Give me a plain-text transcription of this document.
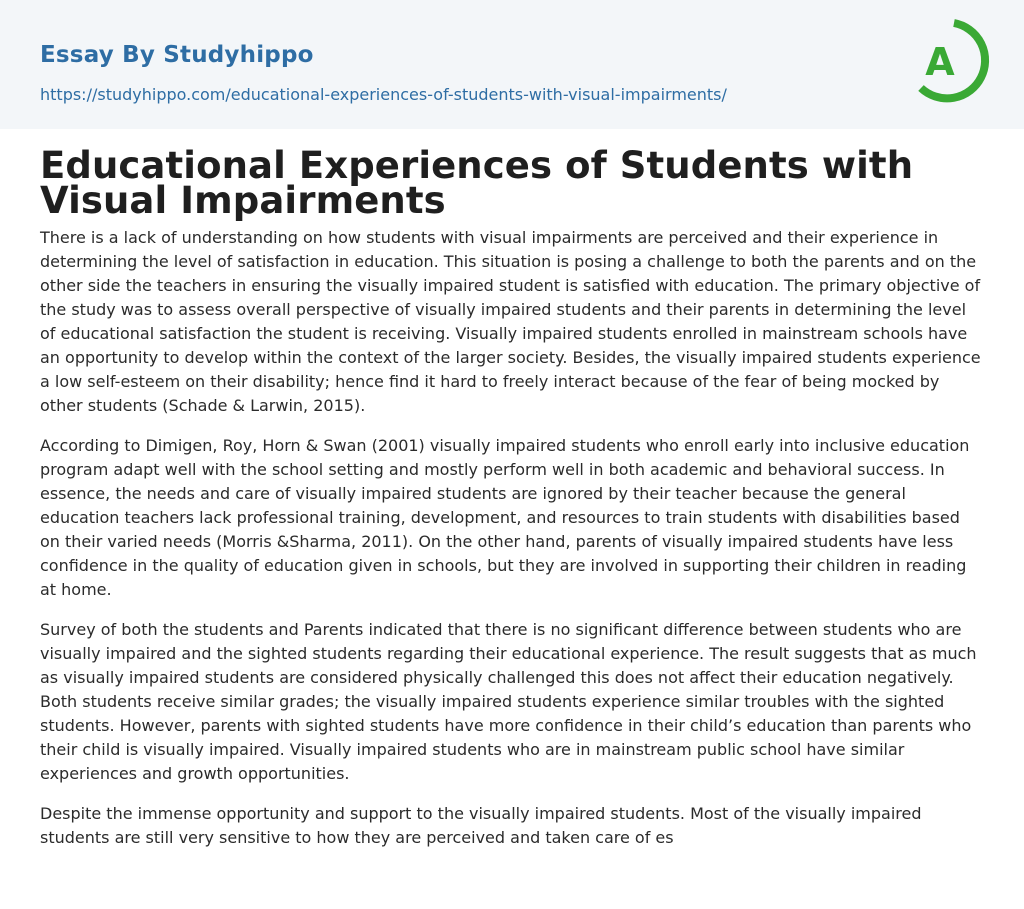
Essay By Studyhippo
https://studyhippo.com/educational-experiences-of-students-with-visual-impairments/
A
Educational Experiences of Students with Visual Impairments

There is a lack of understanding on how students with visual impairments are perceived and their experience in determining the level of satisfaction in education. This situation is posing a challenge to both the parents and on the other side the teachers in ensuring the visually impaired student is satisfied with education. The primary objective of the study was to assess overall perspective of visually impaired students and their parents in determining the level of educational satisfaction the student is receiving. Visually impaired students enrolled in mainstream schools have an opportunity to develop within the context of the larger society. Besides, the visually impaired students experience a low self-esteem on their disability; hence find it hard to freely interact because of the fear of being mocked by other students (Schade & Larwin, 2015).

According to Dimigen, Roy, Horn & Swan (2001) visually impaired students who enroll early into inclusive education program adapt well with the school setting and mostly perform well in both academic and behavioral success. In essence, the needs and care of visually impaired students are ignored by their teacher because the general education teachers lack professional training, development, and resources to train students with disabilities based on their varied needs (Morris &Sharma, 2011). On the other hand, parents of visually impaired students have less confidence in the quality of education given in schools, but they are involved in supporting their children in reading at home.

Survey of both the students and Parents indicated that there is no significant difference between students who are visually impaired and the sighted students regarding their educational experience. The result suggests that as much as visually impaired students are considered physically challenged this does not affect their education negatively. Both students receive similar grades; the visually impaired students experience similar troubles with the sighted students. However, parents with sighted students have more confidence in their child’s education than parents who their child is visually impaired. Visually impaired students who are in mainstream public school have similar experiences and growth opportunities.

Despite the immense opportunity and support to the visually impaired students. Most of the visually impaired students are still very sensitive to how they are perceived and taken care of es
